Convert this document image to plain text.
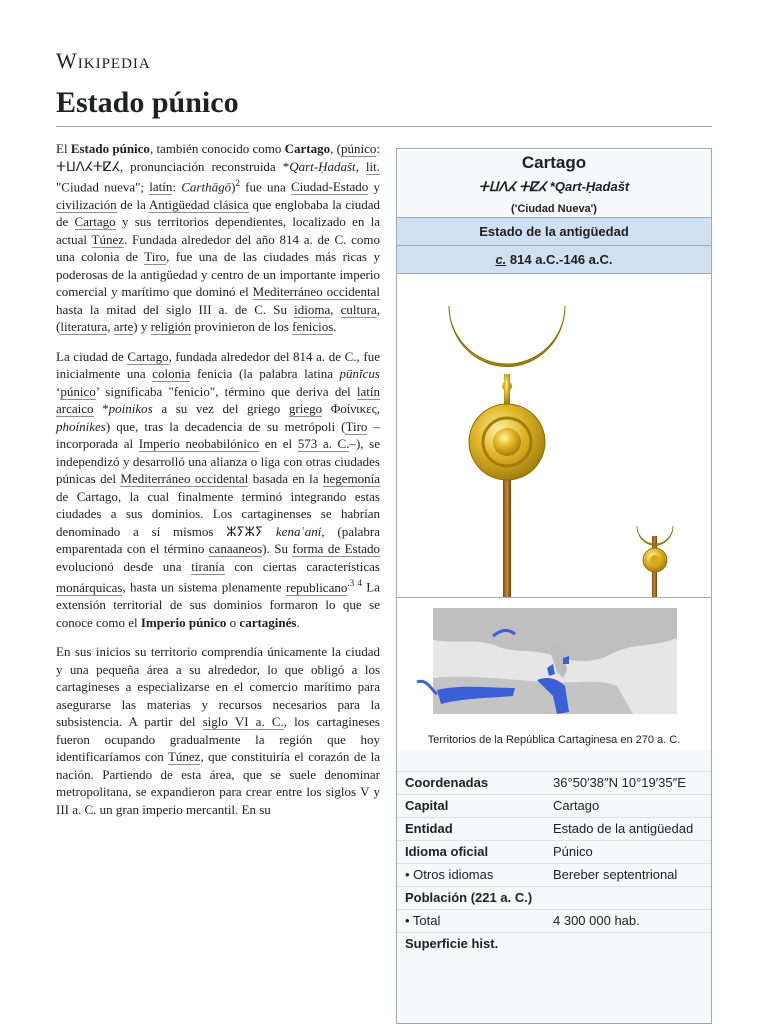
Wikipedia
Estado púnico

El Estado púnico, también conocido como Cartago, (púnico: ⵜⵡⴷⵃⵜⵇⵃ, pronunciación reconstruida *Qart-Ḥadašt, lit. "Ciudad nueva"; latín: Carthāgō)$^2$ fue una Ciudad-Estado y civilización de la Antigüedad clásica que englobaba la ciudad de Cartago y sus territorios dependientes, localizado en la actual Túnez. Fundada alrededor del año 814 a. de C. como una colonia de Tiro, fue una de las ciudades más ricas y poderosas de la antigüedad y centro de un importante imperio comercial y marítimo que dominó el Mediterráneo occidental hasta la mitad del siglo III a. de C. Su idioma, cultura, (literatura, arte) y religión provinieron de los fenicios.

La ciudad de Cartago, fundada alrededor del 814 a. de C., fue inicialmente una colonia fenicia (la palabra latina pūnĭcus ‘púnico’ significaba "fenicio", término que deriva del latín arcaico *poinikos a su vez del griego griego Φοίνικες, phoínikes) que, tras la decadencia de su metrópoli (Tiro –incorporada al Imperio neobabilónico en el 573 a. C.–), se independizó y desarrolló una alianza o liga con otras ciudades púnicas del Mediterráneo occidental basada en la hegemonía de Cartago, la cual finalmente terminó integrando estas ciudades a sus dominios. Los cartaginenses se habrían denominado a sí mismos ⵣⵢⵣⵢ kenaʿani, (palabra emparentada con el término canaaneos). Su forma de Estado evolucionó desde una tiranía con ciertas características monárquicas, hasta un sistema plenamente republicano$^{.3 4}$ La extensión territorial de sus dominios formaron lo que se conoce como el Imperio púnico o cartaginés.

En sus inicios su territorio comprendía únicamente la ciudad y una pequeña área a su alrededor, lo que obligó a los cartagineses a especializarse en el comercio marítimo para asegurarse las materias y recursos necesarios para la subsistencia. A partir del siglo VI a. C., los cartagineses fueron ocupando gradualmente la región que hoy identificaríamos con Túnez, que constituiría el corazón de la nación. Partiendo de esta área, que se suele denominar metropolitana, se expandieron para crear entre los siglos V y III a. C. un gran imperio mercantil. En su

Cartago
ⵜⵡⴷⵃ ⵜⵇⵃ *Qart-Ḥadašt
('Ciudad Nueva')
Estado de la antigüedad
c. 814 a.C.-146 a.C.
Territorios de la República Cartaginesa en 270 a. C.
Coordenadas	36°50′38″N 10°19′35″E
Capital	Cartago
Entidad	Estado de la antigüedad
Idioma oficial	Púnico
• Otros idiomas	Bereber septentrional
Población (221 a. C.)
• Total	4 300 000 hab.
Superficie hist.
